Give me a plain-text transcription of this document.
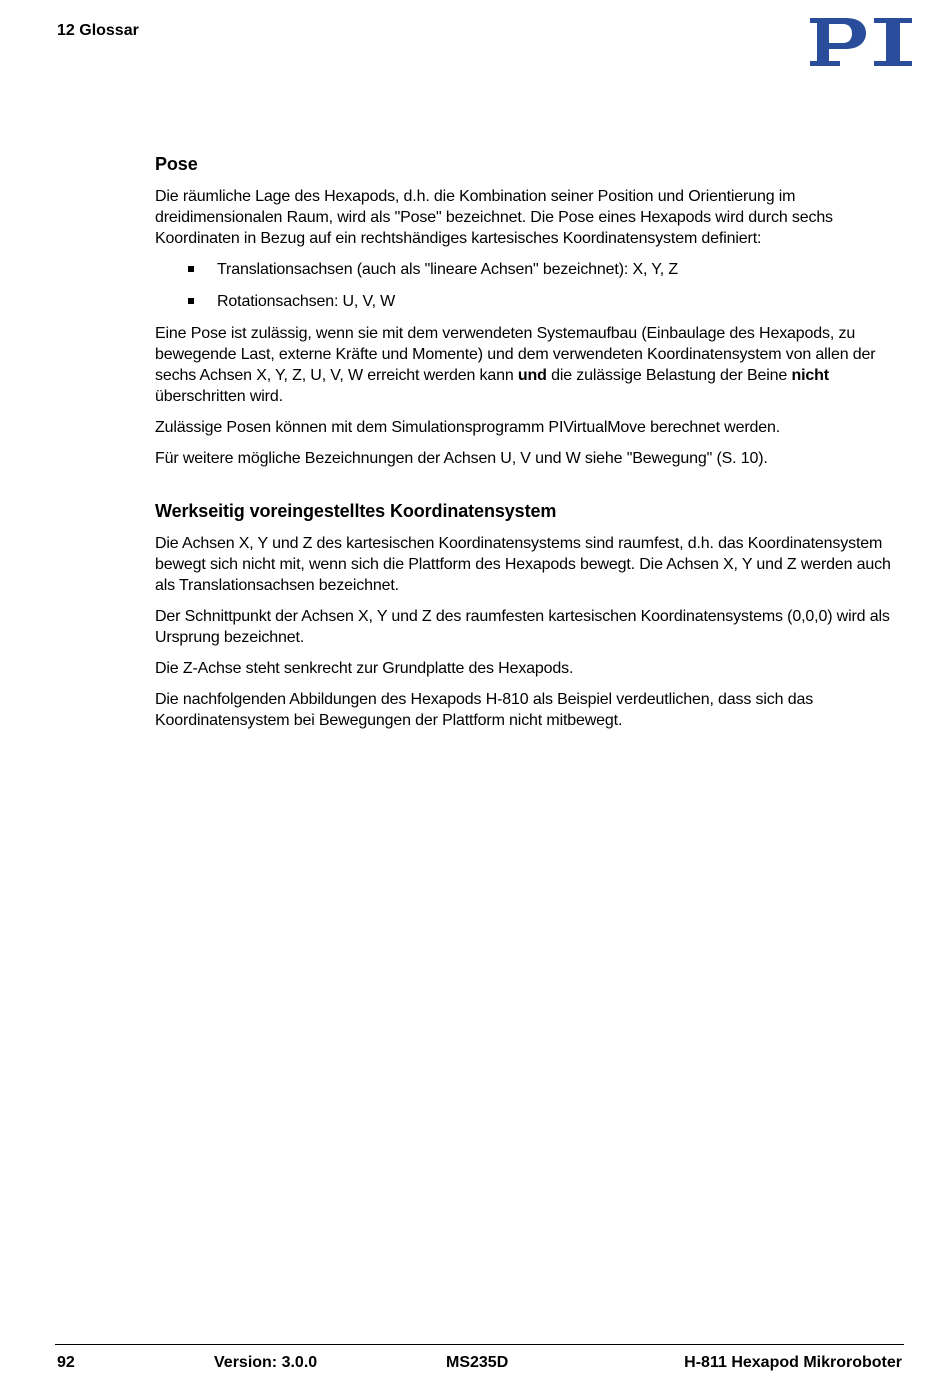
12 Glossar
Pose

Die räumliche Lage des Hexapods, d.h. die Kombination seiner Position und Orientierung im dreidimensionalen Raum, wird als "Pose" bezeichnet. Die Pose eines Hexapods wird durch sechs Koordinaten in Bezug auf ein rechtshändiges kartesisches Koordinatensystem definiert:

Translationsachsen (auch als "lineare Achsen" bezeichnet): X, Y, Z
Rotationsachsen: U, V, W

Eine Pose ist zulässig, wenn sie mit dem verwendeten Systemaufbau (Einbaulage des Hexapods, zu bewegende Last, externe Kräfte und Momente) und dem verwendeten Koordinatensystem von allen der sechs Achsen X, Y, Z, U, V, W erreicht werden kann und die zulässige Belastung der Beine nicht überschritten wird.

Zulässige Posen können mit dem Simulationsprogramm PIVirtualMove berechnet werden.

Für weitere mögliche Bezeichnungen der Achsen U, V und W siehe "Bewegung" (S. 10).

Werkseitig voreingestelltes Koordinatensystem

Die Achsen X, Y und Z des kartesischen Koordinatensystems sind raumfest, d.h. das Koordinatensystem bewegt sich nicht mit, wenn sich die Plattform des Hexapods bewegt. Die Achsen X, Y und Z werden auch als Translationsachsen bezeichnet.

Der Schnittpunkt der Achsen X, Y und Z des raumfesten kartesischen Koordinatensystems (0,0,0) wird als Ursprung bezeichnet.

Die Z-Achse steht senkrecht zur Grundplatte des Hexapods.

Die nachfolgenden Abbildungen des Hexapods H-810 als Beispiel verdeutlichen, dass sich das Koordinatensystem bei Bewegungen der Plattform nicht mitbewegt.

92	Version: 3.0.0	MS235D	H-811 Hexapod Mikroroboter
